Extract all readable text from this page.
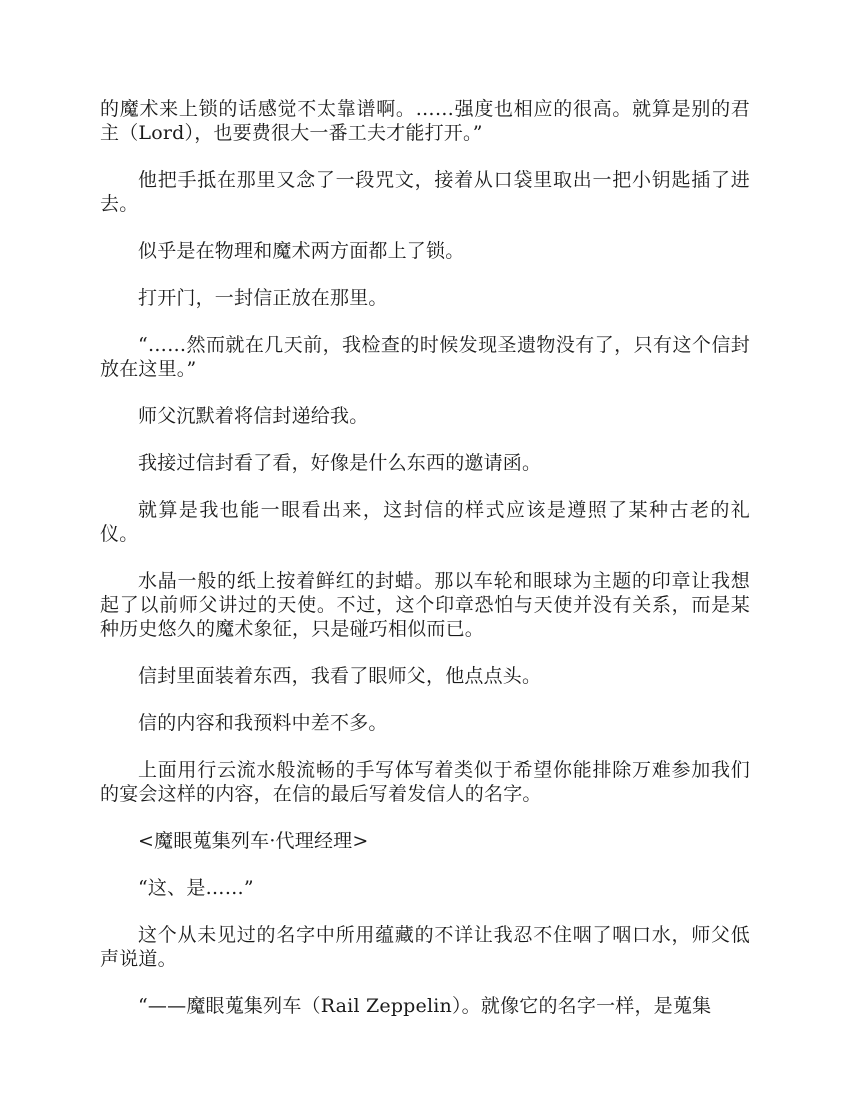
的魔术来上锁的话感觉不太靠谱啊。……强度也相应的很高。就算是别的君主（Lord），也要费很大一番工夫才能打开。”

他把手抵在那里又念了一段咒文，接着从口袋里取出一把小钥匙插了进去。

似乎是在物理和魔术两方面都上了锁。

打开门，一封信正放在那里。

“……然而就在几天前，我检查的时候发现圣遗物没有了，只有这个信封放在这里。”

师父沉默着将信封递给我。

我接过信封看了看，好像是什么东西的邀请函。

就算是我也能一眼看出来，这封信的样式应该是遵照了某种古老的礼仪。

水晶一般的纸上按着鲜红的封蜡。那以车轮和眼球为主题的印章让我想起了以前师父讲过的天使。不过，这个印章恐怕与天使并没有关系，而是某种历史悠久的魔术象征，只是碰巧相似而已。

信封里面装着东西，我看了眼师父，他点点头。

信的内容和我预料中差不多。

上面用行云流水般流畅的手写体写着类似于希望你能排除万难参加我们的宴会这样的内容，在信的最后写着发信人的名字。

<魔眼蒐集列车·代理经理>

“这、是……”

这个从未见过的名字中所用蕴藏的不详让我忍不住咽了咽口水，师父低声说道。

“——魔眼蒐集列车（Rail Zeppelin）。就像它的名字一样，是蒐集
